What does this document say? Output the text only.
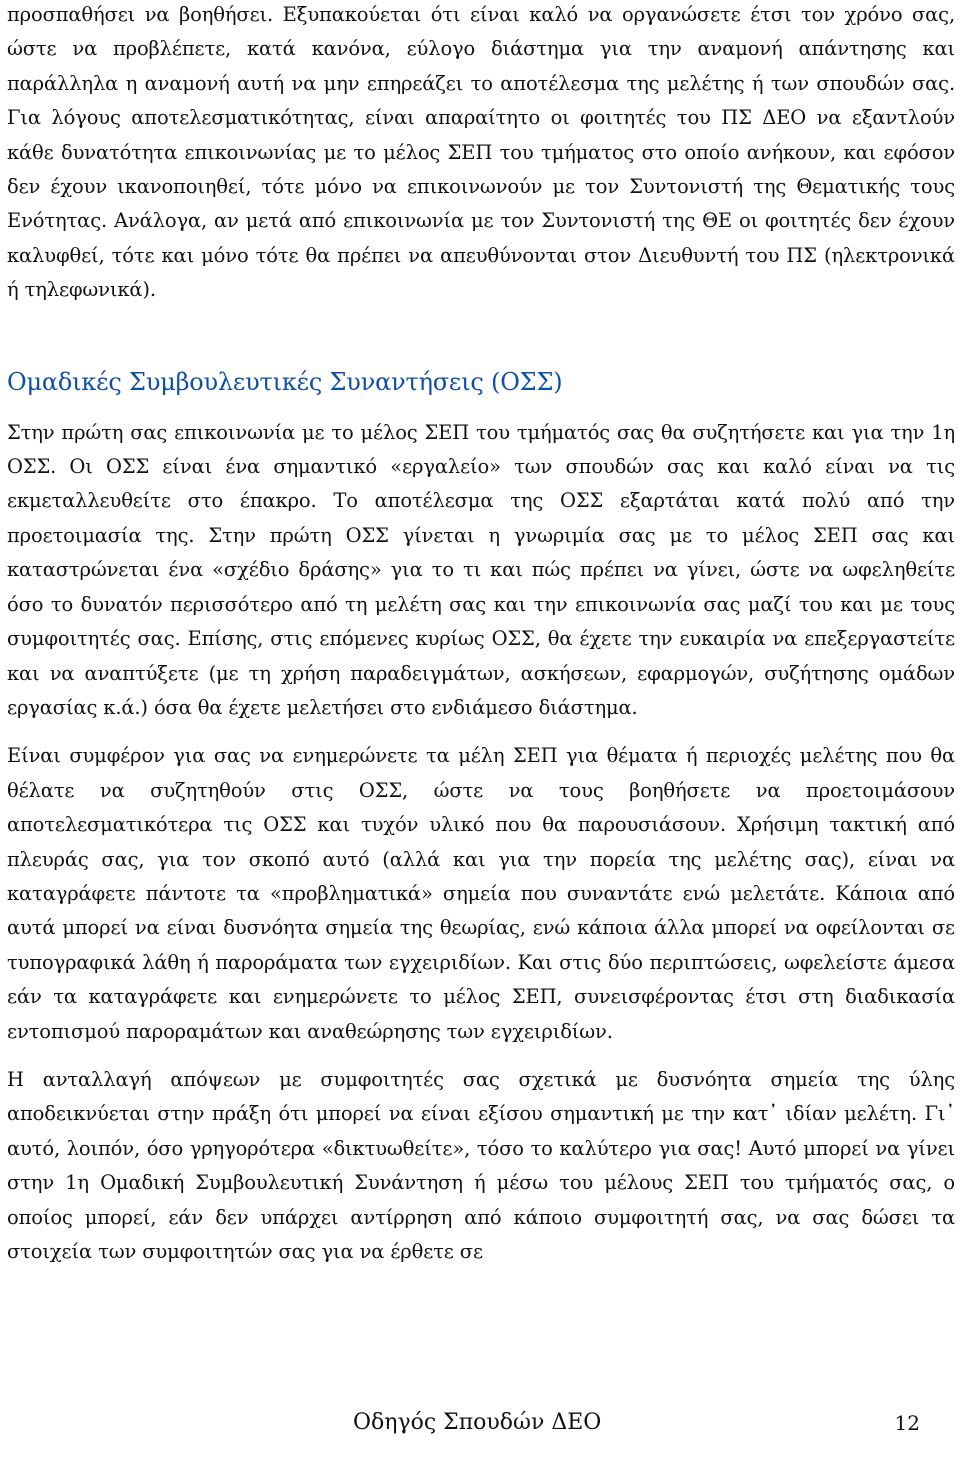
προσπαθήσει να βοηθήσει. Εξυπακούεται ότι είναι καλό να οργανώσετε έτσι τον χρόνο σας, ώστε να προβλέπετε, κατά κανόνα, εύλογο διάστημα για την αναμονή απάντησης και παράλληλα η αναμονή αυτή να μην επηρεάζει το αποτέλεσμα της μελέτης ή των σπουδών σας. Για λόγους αποτελεσματικότητας, είναι απαραίτητο οι φοιτητές του ΠΣ ΔΕΟ να εξαντλούν κάθε δυνατότητα επικοινωνίας με το μέλος ΣΕΠ του τμήματος στο οποίο ανήκουν, και εφόσον δεν έχουν ικανοποιηθεί, τότε μόνο να επικοινωνούν με τον Συντονιστή της Θεματικής τους Ενότητας. Ανάλογα, αν μετά από επικοινωνία με τον Συντονιστή της ΘΕ οι φοιτητές δεν έχουν καλυφθεί, τότε και μόνο τότε θα πρέπει να απευθύνονται στον Διευθυντή του ΠΣ (ηλεκτρονικά ή τηλεφωνικά).

Ομαδικές Συμβουλευτικές Συναντήσεις (ΟΣΣ)

Στην πρώτη σας επικοινωνία με το μέλος ΣΕΠ του τμήματός σας θα συζητήσετε και για την 1η ΟΣΣ. Οι ΟΣΣ είναι ένα σημαντικό «εργαλείο» των σπουδών σας και καλό είναι να τις εκμεταλλευθείτε στο έπακρο. Το αποτέλεσμα της ΟΣΣ εξαρτάται κατά πολύ από την προετοιμασία της. Στην πρώτη ΟΣΣ γίνεται η γνωριμία σας με το μέλος ΣΕΠ σας και καταστρώνεται ένα «σχέδιο δράσης» για το τι και πώς πρέπει να γίνει, ώστε να ωφεληθείτε όσο το δυνατόν περισσότερο από τη μελέτη σας και την επικοινωνία σας μαζί του και με τους συμφοιτητές σας. Επίσης, στις επόμενες κυρίως ΟΣΣ, θα έχετε την ευκαιρία να επεξεργαστείτε και να αναπτύξετε (με τη χρήση παραδειγμάτων, ασκήσεων, εφαρμογών, συζήτησης ομάδων εργασίας κ.ά.) όσα θα έχετε μελετήσει στο ενδιάμεσο διάστημα.

Είναι συμφέρον για σας να ενημερώνετε τα μέλη ΣΕΠ για θέματα ή περιοχές μελέτης που θα θέλατε να συζητηθούν στις ΟΣΣ, ώστε να τους βοηθήσετε να προετοιμάσουν αποτελεσματικότερα τις ΟΣΣ και τυχόν υλικό που θα παρουσιάσουν. Χρήσιμη τακτική από πλευράς σας, για τον σκοπό αυτό (αλλά και για την πορεία της μελέτης σας), είναι να καταγράφετε πάντοτε τα «προβληματικά» σημεία που συναντάτε ενώ μελετάτε. Κάποια από αυτά μπορεί να είναι δυσνόητα σημεία της θεωρίας, ενώ κάποια άλλα μπορεί να οφείλονται σε τυπογραφικά λάθη ή παροράματα των εγχειριδίων. Και στις δύο περιπτώσεις, ωφελείστε άμεσα εάν τα καταγράφετε και ενημερώνετε το μέλος ΣΕΠ, συνεισφέροντας έτσι στη διαδικασία εντοπισμού παροραμάτων και αναθεώρησης των εγχειριδίων.

Η ανταλλαγή απόψεων με συμφοιτητές σας σχετικά με δυσνόητα σημεία της ύλης αποδεικνύεται στην πράξη ότι μπορεί να είναι εξίσου σημαντική με την κατ᾽ ιδίαν μελέτη. Γι᾽ αυτό, λοιπόν, όσο γρηγορότερα «δικτυωθείτε», τόσο το καλύτερο για σας! Αυτό μπορεί να γίνει στην 1η Ομαδική Συμβουλευτική Συνάντηση ή μέσω του μέλους ΣΕΠ του τμήματός σας, ο οποίος μπορεί, εάν δεν υπάρχει αντίρρηση από κάποιο συμφοιτητή σας, να σας δώσει τα στοιχεία των συμφοιτητών σας για να έρθετε σε

Οδηγός Σπουδών ΔΕΟ	12
